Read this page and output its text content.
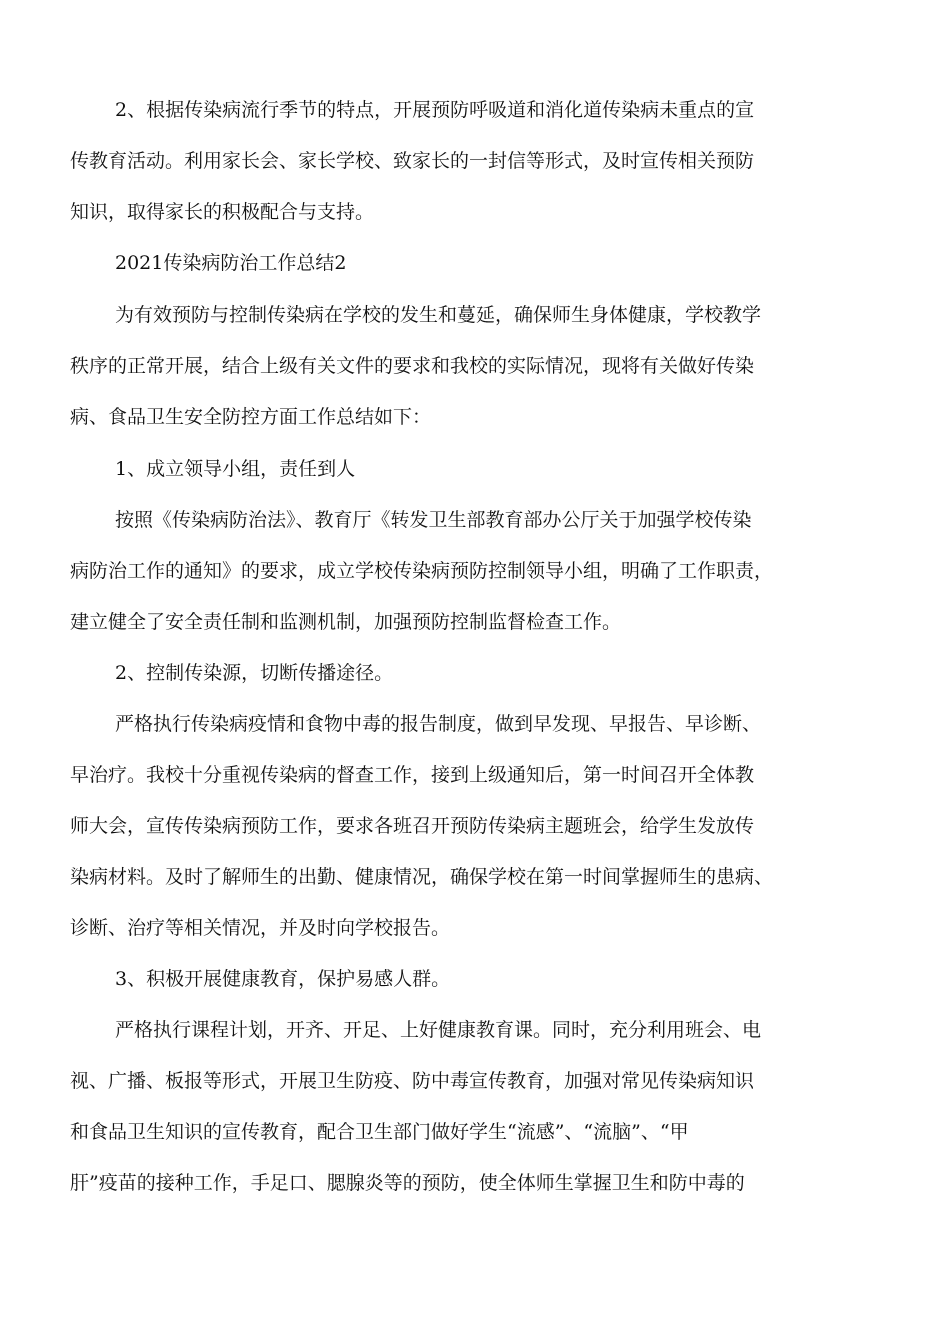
2、根据传染病流行季节的特点，开展预防呼吸道和消化道传染病未重点的宣
传教育活动。利用家长会、家长学校、致家长的一封信等形式，及时宣传相关预防
知识，取得家长的积极配合与支持。
2021传染病防治工作总结2
为有效预防与控制传染病在学校的发生和蔓延，确保师生身体健康，学校教学
秩序的正常开展，结合上级有关文件的要求和我校的实际情况，现将有关做好传染
病、食品卫生安全防控方面工作总结如下：
1、成立领导小组，责任到人
按照《传染病防治法》、教育厅《转发卫生部教育部办公厅关于加强学校传染
病防治工作的通知》的要求，成立学校传染病预防控制领导小组，明确了工作职责，
建立健全了安全责任制和监测机制，加强预防控制监督检查工作。
2、控制传染源，切断传播途径。
严格执行传染病疫情和食物中毒的报告制度，做到早发现、早报告、早诊断、
早治疗。我校十分重视传染病的督查工作，接到上级通知后，第一时间召开全体教
师大会，宣传传染病预防工作，要求各班召开预防传染病主题班会，给学生发放传
染病材料。及时了解师生的出勤、健康情况，确保学校在第一时间掌握师生的患病、
诊断、治疗等相关情况，并及时向学校报告。
3、积极开展健康教育，保护易感人群。
严格执行课程计划，开齐、开足、上好健康教育课。同时，充分利用班会、电
视、广播、板报等形式，开展卫生防疫、防中毒宣传教育，加强对常见传染病知识
和食品卫生知识的宣传教育，配合卫生部门做好学生“流感”、“流脑”、“甲
肝”疫苗的接种工作，手足口、腮腺炎等的预防，使全体师生掌握卫生和防中毒的
